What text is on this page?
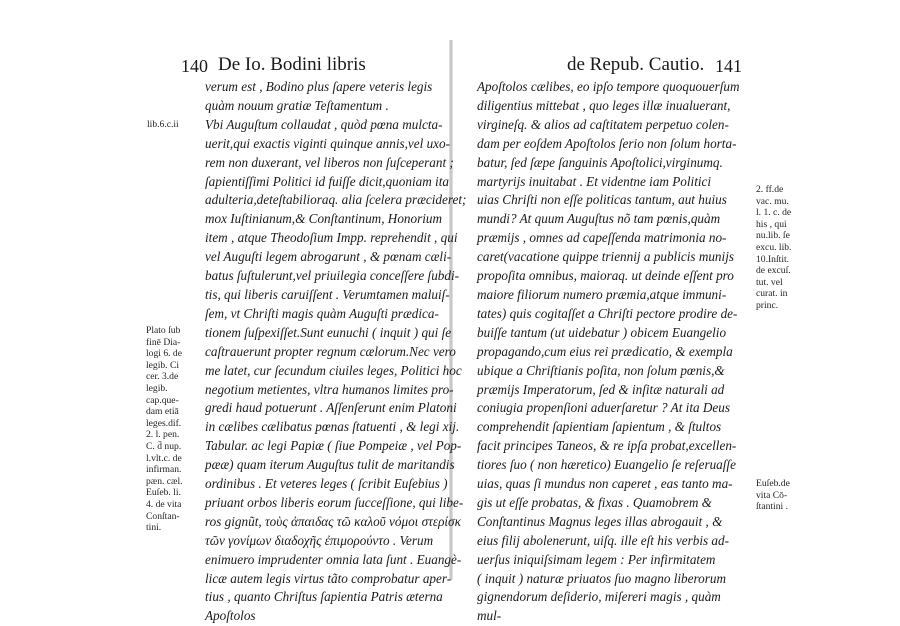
140 De Io. Bodini libris
verum est , Bodino plus ſapere veteris legis
quàm nouum gratiæ Teſtamentum .
Vbi Auguſtum collaudat , quòd pœna mulcta-
uerit,qui exactis viginti quinque annis,vel uxo-
rem non duxerant, vel liberos non ſuſceperant ;
ſapientiſſimi Politici id fuiſſe dicit,quoniam ita
adulteria,deteſtabilioraq. alia ſcelera præcideret;
mox Iuſtinianum,& Conſtantinum, Honorium
item , atque Theodoſium Impp. reprehendit , qui
vel Auguſti legem abrogarunt , & pœnam cæli-
batus ſuſtulerunt,vel priuilegia conceſſere ſubdi-
tis, qui liberis caruiſſent . Verumtamen maluiſ-
ſem, vt Chriſti magis quàm Auguſti prædica-
tionem ſuſpexiſſet.Sunt eunuchi ( inquit ) qui ſe
caſtrauerunt propter regnum cælorum.Nec vero
me latet, cur ſecundum ciuiles leges, Politici hoc
negotium metientes, vltra humanos limites pro-
gredi haud potuerunt . Aſſenſerunt enim Platoni
in cælibes cælibatus pœnas ſtatuenti , & legi xij.
Tabular. ac legi Papiæ ( ſiue Pompeiæ , vel Pop-
pææ) quam iterum Auguſtus tulit de maritandis
ordinibus . Et veteres leges ( ſcribit Euſebius )
priuant orbos liberis eorum ſucceſſione, qui libe-
ros gignũt, τοὺς ἀπαιδας τῶ καλοῦ νόμοι στερίσκ
τῶν γονίμων διαδοχῆς ἐπιμορούντο . Verum
enimuero imprudenter omnia lata ſunt . Euangè-
licæ autem legis virtus tãto comprobatur aper-
tius , quanto Chriſtus ſapientia Patris æterna
Apoſtolos
lib.6.c.ii
Plato ſub
finē Dia-
logi 6. de
legib. Ci
cer. 3.de
legib.
cap.que-
dam etiā
leges.dif.
2. l. pen.
C. d̄ nup.
l.vlt.c. de
infirman.
pæn. cæl.
Euſeb. li.
4. de vita
Conſtan-
tini.
de Repub. Cautio. 141
Apoſtolos cælibes, eo ipſo tempore quoquouerſum
diligentius mittebat , quo leges illæ inualuerant,
virgineſq. & alios ad caſtitatem perpetuo colen-
dam per eoſdem Apoſtolos ſerio non ſolum horta-
batur, ſed ſæpe ſanguinis Apoſtolici,virginumq.
martyrijs inuitabat . Et videntne iam Politici
uias Chriſti non eſſe politicas tantum, aut huius
mundi? At quum Auguſtus nõ tam pœnis,quàm
præmijs , omnes ad capeſſenda matrimonia no-
caret(vacatione quippe triennij a publicis munijs
propoſita omnibus, maioraq. ut deinde eſſent pro
maiore filiorum numero præmia,atque immuni-
tates) quis cogitaſſet a Chriſti pectore prodire de-
buiſſe tantum (ut uidebatur ) obicem Euangelio
propagando,cum eius rei prædicatio, & exempla
ubique a Chriſtianis poſita, non ſolum pœnis,&
præmijs Imperatorum, ſed & inſitæ naturali ad
coniugia propenſioni aduerſaretur ? At ita Deus
comprehendit ſapientiam ſapientum , & ſtultos
facit principes Taneos, & re ipſa probat,excellen-
tiores ſuo ( non hæretico) Euangelio ſe reſeruaſſe
uias, quas ſi mundus non caperet , eas tanto ma-
gis ut eſſe probatas, & fixas . Quamobrem &
Conſtantinus Magnus leges illas abrogauit , &
eius filij abolenerunt, uiſq. ille eſt his verbis ad-
uerſus iniquiſsimam legem : Per infirmitatem
( inquit ) naturæ priuatos ſuo magno liberorum
gignendorum deſiderio, miſereri magis , quàm
mul-
2. ff.de
vac. mu.
l. 1. c. de
his , qui
nu.lib. ſe
excu. lib.
10.Inſtit.
de excuſ.
tut. vel
curat. in
princ.
Euſeb.de
vita Cō-
ſtantini .
